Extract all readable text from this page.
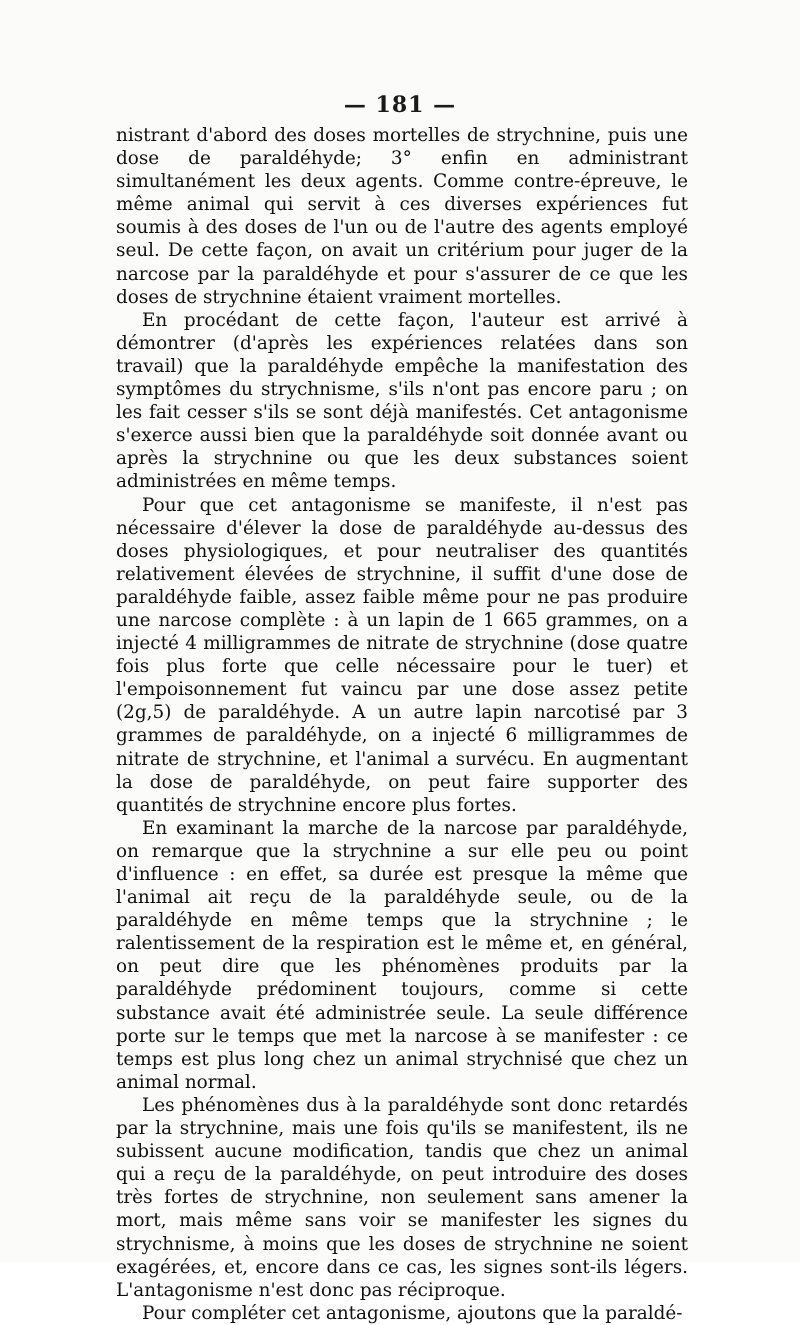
— 181 —

nistrant d'abord des doses mortelles de strychnine, puis une dose de paraldéhyde; 3° enfin en administrant simultanément les deux agents. Comme contre-épreuve, le même animal qui servit à ces diverses expériences fut soumis à des doses de l'un ou de l'autre des agents employé seul. De cette façon, on avait un critérium pour juger de la narcose par la paraldéhyde et pour s'assurer de ce que les doses de strychnine étaient vraiment mortelles.

En procédant de cette façon, l'auteur est arrivé à démontrer (d'après les expériences relatées dans son travail) que la paraldéhyde empêche la manifestation des symptômes du strychnisme, s'ils n'ont pas encore paru ; on les fait cesser s'ils se sont déjà manifestés. Cet antagonisme s'exerce aussi bien que la paraldéhyde soit donnée avant ou après la strychnine ou que les deux substances soient administrées en même temps.

Pour que cet antagonisme se manifeste, il n'est pas nécessaire d'élever la dose de paraldéhyde au-dessus des doses physiologiques, et pour neutraliser des quantités relativement élevées de strychnine, il suffit d'une dose de paraldéhyde faible, assez faible même pour ne pas produire une narcose complète : à un lapin de 1 665 grammes, on a injecté 4 milligrammes de nitrate de strychnine (dose quatre fois plus forte que celle nécessaire pour le tuer) et l'empoisonnement fut vaincu par une dose assez petite (2g,5) de paraldéhyde. A un autre lapin narcotisé par 3 grammes de paraldéhyde, on a injecté 6 milligrammes de nitrate de strychnine, et l'animal a survécu. En augmentant la dose de paraldéhyde, on peut faire supporter des quantités de strychnine encore plus fortes.

En examinant la marche de la narcose par paraldéhyde, on remarque que la strychnine a sur elle peu ou point d'influence : en effet, sa durée est presque la même que l'animal ait reçu de la paraldéhyde seule, ou de la paraldéhyde en même temps que la strychnine ; le ralentissement de la respiration est le même et, en général, on peut dire que les phénomènes produits par la paraldéhyde prédominent toujours, comme si cette substance avait été administrée seule. La seule différence porte sur le temps que met la narcose à se manifester : ce temps est plus long chez un animal strychnisé que chez un animal normal.

Les phénomènes dus à la paraldéhyde sont donc retardés par la strychnine, mais une fois qu'ils se manifestent, ils ne subissent aucune modification, tandis que chez un animal qui a reçu de la paraldéhyde, on peut introduire des doses très fortes de strychnine, non seulement sans amener la mort, mais même sans voir se manifester les signes du strychnisme, à moins que les doses de strychnine ne soient exagérées, et, encore dans ce cas, les signes sont-ils légers. L'antagonisme n'est donc pas réciproque.

Pour compléter cet antagonisme, ajoutons que la paraldé-
